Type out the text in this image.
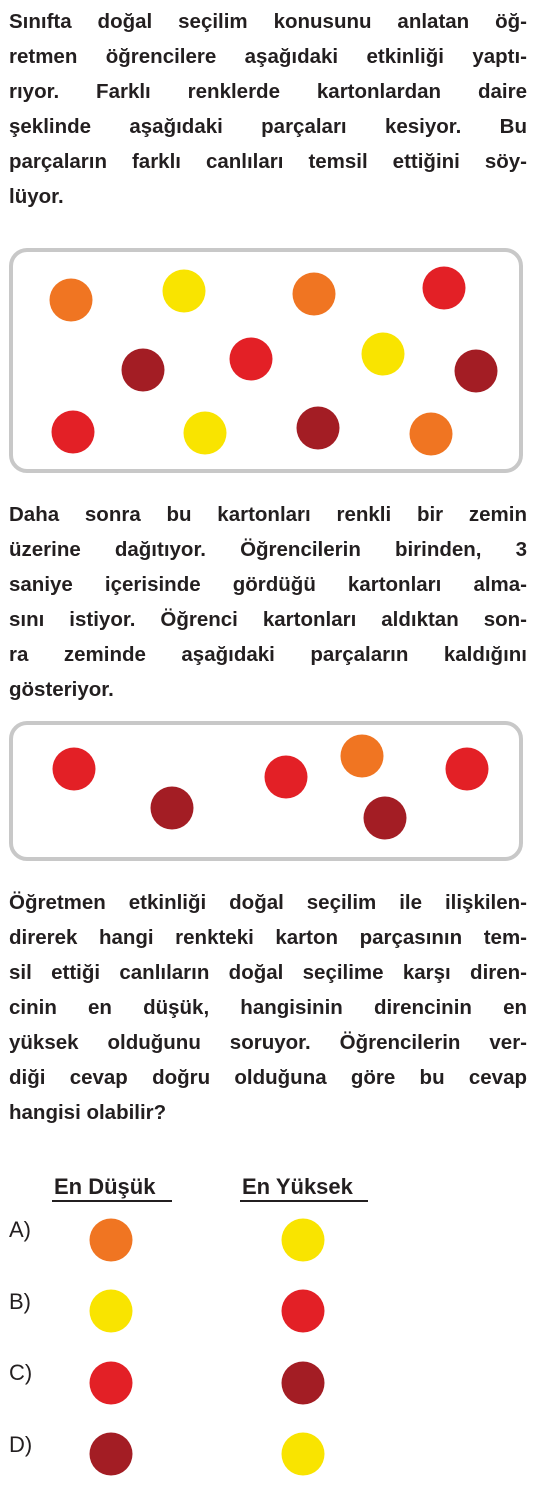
Sınıfta doğal seçilim konusunu anlatan öğ-
retmen öğrencilere aşağıdaki etkinliği yaptı-
rıyor. Farklı renklerde kartonlardan daire
şeklinde aşağıdaki parçaları kesiyor. Bu
parçaların farklı canlıları temsil ettiğini söy-
lüyor.
Daha sonra bu kartonları renkli bir zemin
üzerine dağıtıyor. Öğrencilerin birinden, 3
saniye içerisinde gördüğü kartonları alma-
sını istiyor. Öğrenci kartonları aldıktan son-
ra zeminde aşağıdaki parçaların kaldığını
gösteriyor.
Öğretmen etkinliği doğal seçilim ile ilişkilen-
direrek hangi renkteki karton parçasının tem-
sil ettiği canlıların doğal seçilime karşı diren-
cinin en düşük, hangisinin direncinin en
yüksek olduğunu soruyor. Öğrencilerin ver-
diği cevap doğru olduğuna göre bu cevap
hangisi olabilir?
En Düşük	En Yüksek
A)
B)
C)
D)
